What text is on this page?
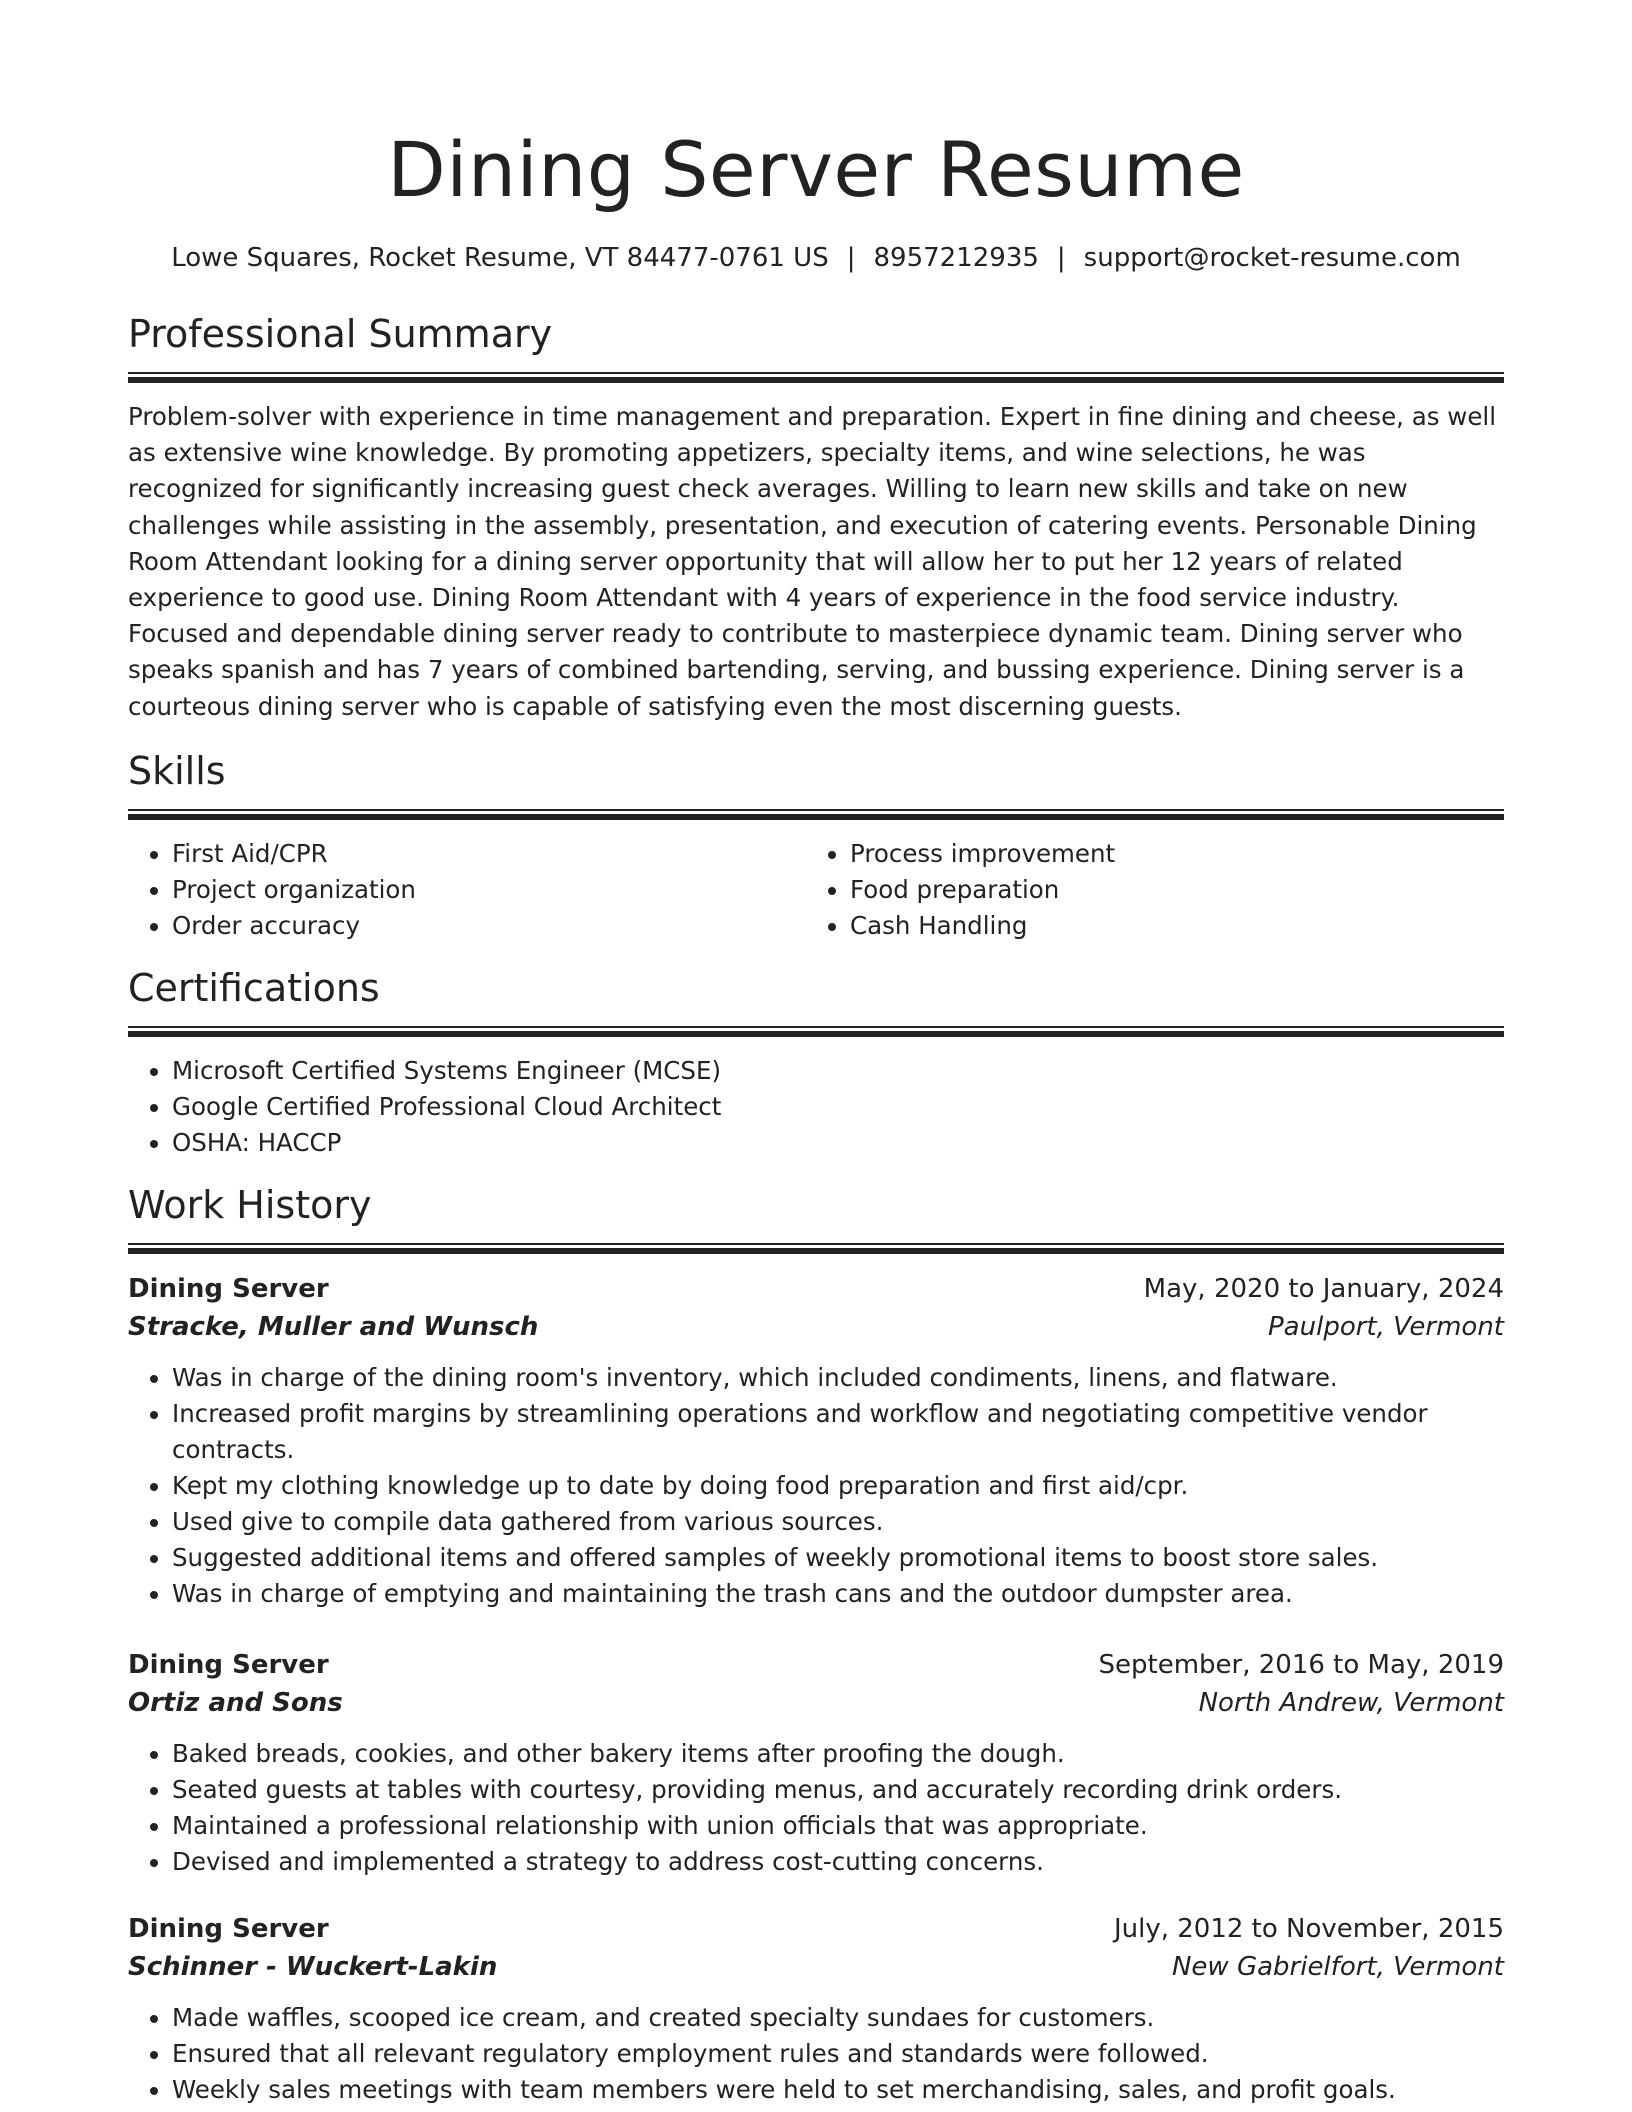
Dining Server Resume
Lowe Squares, Rocket Resume, VT 84477-0761 US | 8957212935 | support@rocket-resume.com
Professional Summary

Problem-solver with experience in time management and preparation. Expert in fine dining and cheese, as well as extensive wine knowledge. By promoting appetizers, specialty items, and wine selections, he was recognized for significantly increasing guest check averages. Willing to learn new skills and take on new challenges while assisting in the assembly, presentation, and execution of catering events. Personable Dining Room Attendant looking for a dining server opportunity that will allow her to put her 12 years of related experience to good use. Dining Room Attendant with 4 years of experience in the food service industry. Focused and dependable dining server ready to contribute to masterpiece dynamic team. Dining server who speaks spanish and has 7 years of combined bartending, serving, and bussing experience. Dining server is a courteous dining server who is capable of satisfying even the most discerning guests.

Skills
• First Aid/CPR
• Project organization
• Order accuracy
• Process improvement
• Food preparation
• Cash Handling
Certifications
• Microsoft Certified Systems Engineer (MCSE)
• Google Certified Professional Cloud Architect
• OSHA: HACCP
Work History
Dining Server	May, 2020 to January, 2024
Stracke, Muller and Wunsch	Paulport, Vermont
• Was in charge of the dining room's inventory, which included condiments, linens, and flatware.
• Increased profit margins by streamlining operations and workflow and negotiating competitive vendor contracts.
• Kept my clothing knowledge up to date by doing food preparation and first aid/cpr.
• Used give to compile data gathered from various sources.
• Suggested additional items and offered samples of weekly promotional items to boost store sales.
• Was in charge of emptying and maintaining the trash cans and the outdoor dumpster area.
Dining Server	September, 2016 to May, 2019
Ortiz and Sons	North Andrew, Vermont
• Baked breads, cookies, and other bakery items after proofing the dough.
• Seated guests at tables with courtesy, providing menus, and accurately recording drink orders.
• Maintained a professional relationship with union officials that was appropriate.
• Devised and implemented a strategy to address cost-cutting concerns.
Dining Server	July, 2012 to November, 2015
Schinner - Wuckert-Lakin	New Gabrielfort, Vermont
• Made waffles, scooped ice cream, and created specialty sundaes for customers.
• Ensured that all relevant regulatory employment rules and standards were followed.
• Weekly sales meetings with team members were held to set merchandising, sales, and profit goals.
